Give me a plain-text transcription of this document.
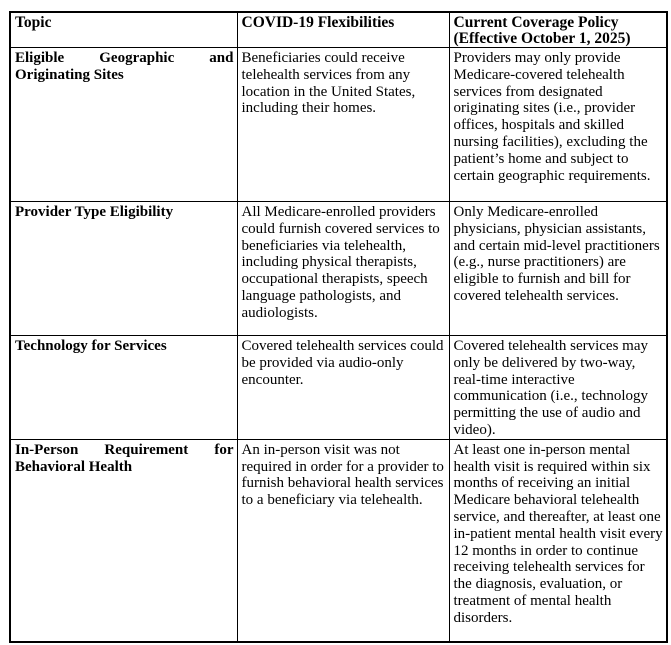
Topic	COVID-19 Flexibilities	Current Coverage Policy (Effective October 1, 2025)
Eligible Geographic and Originating Sites	Beneficiaries could receive telehealth services from any location in the United States, including their homes.	Providers may only provide Medicare-covered telehealth services from designated originating sites (i.e., provider offices, hospitals and skilled nursing facilities), excluding the patient’s home and subject to certain geographic requirements.
Provider Type Eligibility	All Medicare-enrolled providers could furnish covered services to beneficiaries via telehealth, including physical therapists, occupational therapists, speech language pathologists, and audiologists.	Only Medicare-enrolled physicians, physician assistants, and certain mid-level practitioners (e.g., nurse practitioners) are eligible to furnish and bill for covered telehealth services.
Technology for Services	Covered telehealth services could be provided via audio-only encounter.	Covered telehealth services may only be delivered by two-way, real-time interactive communication (i.e., technology permitting the use of audio and video).
In-Person Requirement for Behavioral Health	An in-person visit was not required in order for a provider to furnish behavioral health services to a beneficiary via telehealth.	At least one in-person mental health visit is required within six months of receiving an initial Medicare behavioral telehealth service, and thereafter, at least one in-patient mental health visit every 12 months in order to continue receiving telehealth services for the diagnosis, evaluation, or treatment of mental health disorders.
